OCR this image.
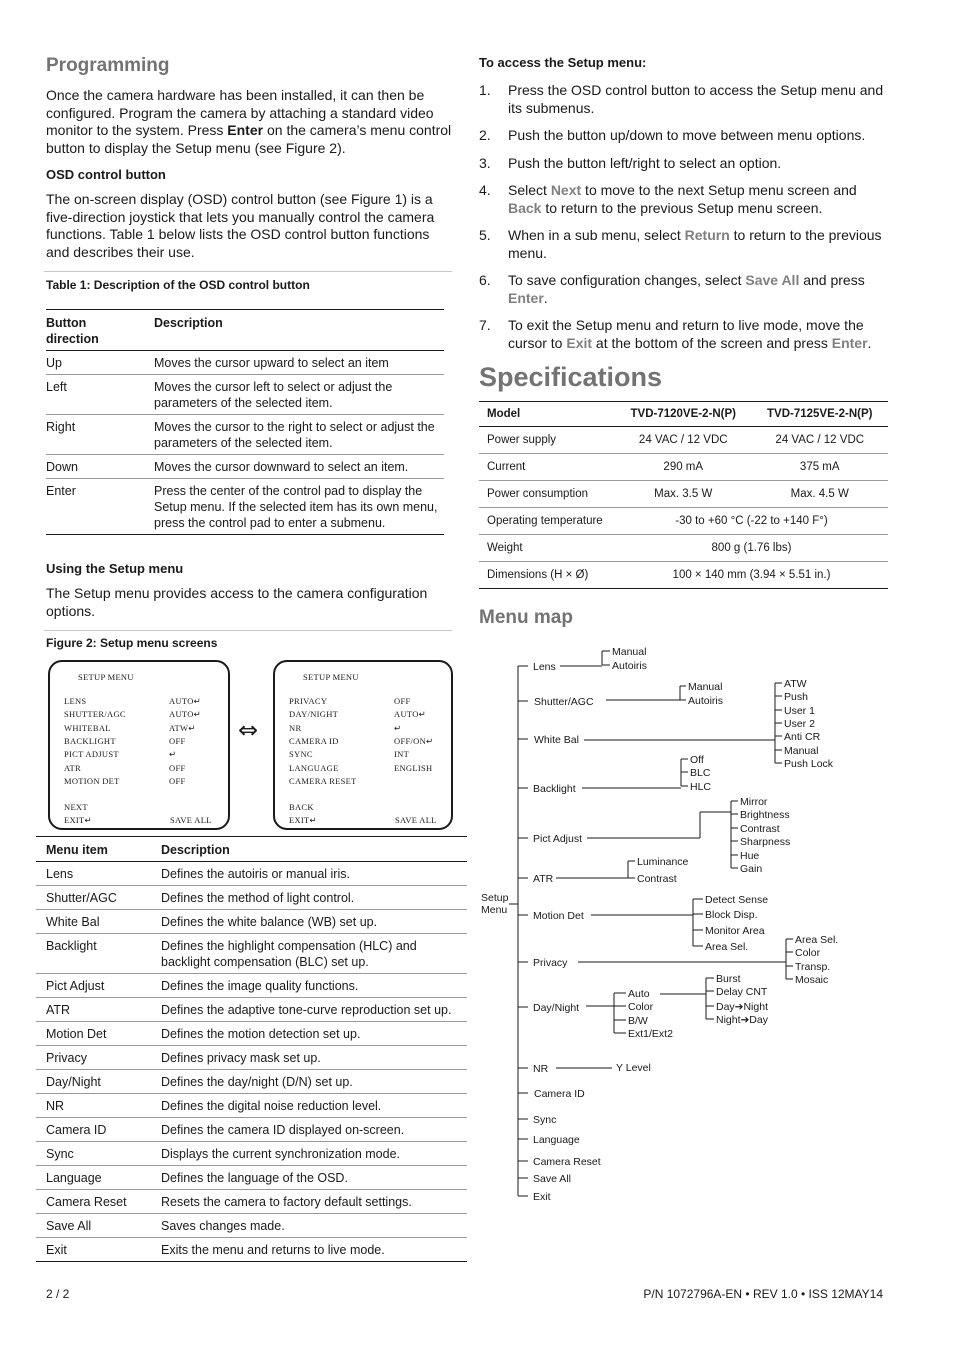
Programming

Once the camera hardware has been installed, it can then be configured. Program the camera by attaching a standard video monitor to the system. Press Enter on the camera’s menu control button to display the Setup menu (see Figure 2).

OSD control button

The on-screen display (OSD) control button (see Figure 1) is a five-direction joystick that lets you manually control the camera functions. Table 1 below lists the OSD control button functions and describes their use.

Table 1: Description of the OSD control button
Button direction	Description
Up	Moves the cursor upward to select an item
Left	Moves the cursor left to select or adjust the parameters of the selected item.
Right	Moves the cursor to the right to select or adjust the parameters of the selected item.
Down	Moves the cursor downward to select an item.
Enter	Press the center of the control pad to display the Setup menu. If the selected item has its own menu, press the control pad to enter a submenu.
Using the Setup menu

The Setup menu provides access to the camera configuration options.

Figure 2: Setup menu screens
SETUP MENU
LENS	AUTO↵
SHUTTER/AGC	AUTO↵
WHITEBAL	ATW↵
BACKLIGHT	OFF
PICT ADJUST	↵
ATR	OFF
MOTION DET	OFF
NEXT
EXIT↵	SAVE ALL
⇔
SETUP MENU
PRIVACY	OFF
DAY/NIGHT	AUTO↵
NR	↵
CAMERA ID	OFF/ON↵
SYNC	INT
LANGUAGE	ENGLISH
CAMERA RESET
BACK
EXIT↵	SAVE ALL
Menu item	Description
Lens	Defines the autoiris or manual iris.
Shutter/AGC	Defines the method of light control.
White Bal	Defines the white balance (WB) set up.
Backlight	Defines the highlight compensation (HLC) and backlight compensation (BLC) set up.
Pict Adjust	Defines the image quality functions.
ATR	Defines the adaptive tone-curve reproduction set up.
Motion Det	Defines the motion detection set up.
Privacy	Defines privacy mask set up.
Day/Night	Defines the day/night (D/N) set up.
NR	Defines the digital noise reduction level.
Camera ID	Defines the camera ID displayed on-screen.
Sync	Displays the current synchronization mode.
Language	Defines the language of the OSD.
Camera Reset	Resets the camera to factory default settings.
Save All	Saves changes made.
Exit	Exits the menu and returns to live mode.
To access the Setup menu:
1. Press the OSD control button to access the Setup menu and its submenus.
2. Push the button up/down to move between menu options.
3. Push the button left/right to select an option.
4. Select Next to move to the next Setup menu screen and Back to return to the previous Setup menu screen.
5. When in a sub menu, select Return to return to the previous menu.
6. To save configuration changes, select Save All and press Enter.
7. To exit the Setup menu and return to live mode, move the cursor to Exit at the bottom of the screen and press Enter.
Specifications
Model	TVD-7120VE-2-N(P)	TVD-7125VE-2-N(P)
Power supply	24 VAC / 12 VDC	24 VAC / 12 VDC
Current	290 mA	375 mA
Power consumption	Max. 3.5 W	Max. 4.5 W
Operating temperature	-30 to +60 °C (-22 to +140 F°)	
Weight	800 g (1.76 lbs)	
Dimensions (H × Ø)	100 × 140 mm (3.94 × 5.51 in.)	
Menu map
Setup
Menu
Lens
Shutter/AGC
White Bal
Backlight
Pict Adjust
ATR
Motion Det
Privacy
Day/Night
NR
Camera ID
Sync
Language
Camera Reset
Save All
Exit
Manual
Autoiris
Manual
Autoiris
ATW
Push
User 1
User 2
Anti CR
Manual
Push Lock
Off
BLC
HLC
Mirror
Brightness
Contrast
Sharpness
Hue
Gain
Luminance
Contrast
Detect Sense
Block Disp.
Monitor Area
Area Sel.
Area Sel.
Color
Transp.
Mosaic
Auto
Color
B/W
Ext1/Ext2
Burst
Delay CNT
Day➔Night
Night➔Day
Y Level
2 / 2	P/N 1072796A-EN • REV 1.0 • ISS 12MAY14
